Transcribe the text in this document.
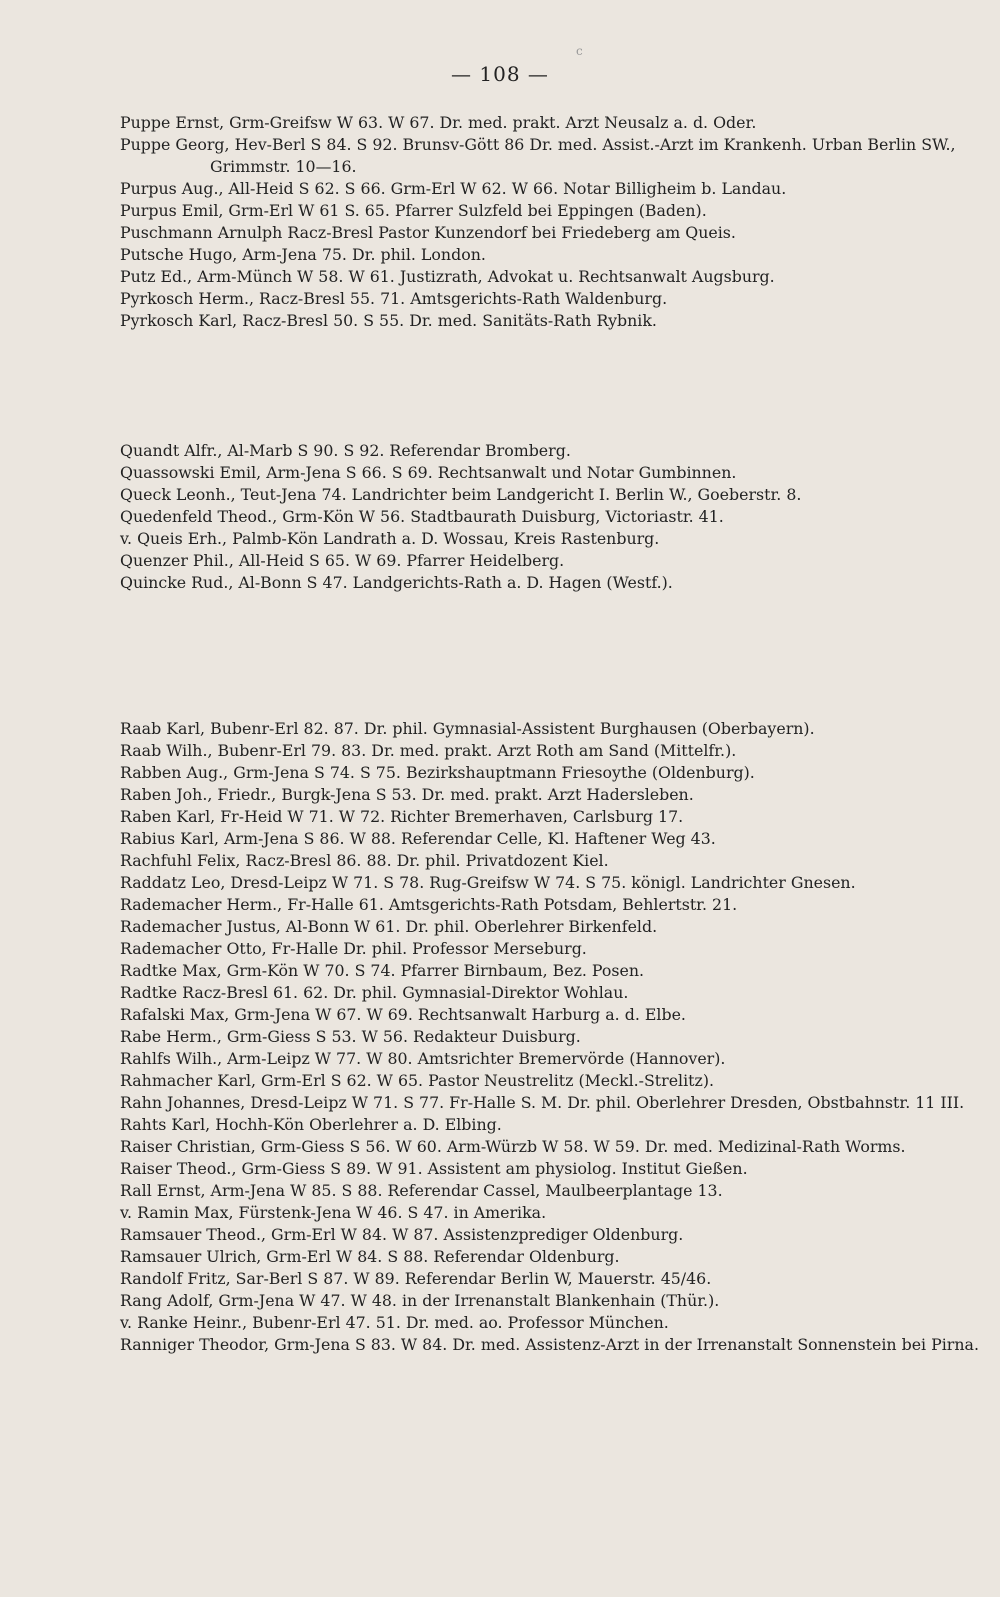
c
— 108 —
Puppe Ernst, Grm-Greifsw W 63. W 67. Dr. med. prakt. Arzt Neusalz a. d. Oder.
Puppe Georg, Hev-Berl S 84. S 92. Brunsv-Gött 86 Dr. med. Assist.-Arzt im Krankenh. Urban Berlin SW., Grimmstr. 10—16.
Purpus Aug., All-Heid S 62. S 66. Grm-Erl W 62. W 66. Notar Billigheim b. Landau.
Purpus Emil, Grm-Erl W 61 S. 65. Pfarrer Sulzfeld bei Eppingen (Baden).
Puschmann Arnulph Racz-Bresl Pastor Kunzendorf bei Friedeberg am Queis.
Putsche Hugo, Arm-Jena 75. Dr. phil. London.
Putz Ed., Arm-Münch W 58. W 61. Justizrath, Advokat u. Rechtsanwalt Augsburg.
Pyrkosch Herm., Racz-Bresl 55. 71. Amtsgerichts-Rath Waldenburg.
Pyrkosch Karl, Racz-Bresl 50. S 55. Dr. med. Sanitäts-Rath Rybnik.
Quandt Alfr., Al-Marb S 90. S 92. Referendar Bromberg.
Quassowski Emil, Arm-Jena S 66. S 69. Rechtsanwalt und Notar Gumbinnen.
Queck Leonh., Teut-Jena 74. Landrichter beim Landgericht I. Berlin W., Goeberstr. 8.
Quedenfeld Theod., Grm-Kön W 56. Stadtbaurath Duisburg, Victoriastr. 41.
v. Queis Erh., Palmb-Kön Landrath a. D. Wossau, Kreis Rastenburg.
Quenzer Phil., All-Heid S 65. W 69. Pfarrer Heidelberg.
Quincke Rud., Al-Bonn S 47. Landgerichts-Rath a. D. Hagen (Westf.).
Raab Karl, Bubenr-Erl 82. 87. Dr. phil. Gymnasial-Assistent Burghausen (Oberbayern).
Raab Wilh., Bubenr-Erl 79. 83. Dr. med. prakt. Arzt Roth am Sand (Mittelfr.).
Rabben Aug., Grm-Jena S 74. S 75. Bezirkshauptmann Friesoythe (Oldenburg).
Raben Joh., Friedr., Burgk-Jena S 53. Dr. med. prakt. Arzt Hadersleben.
Raben Karl, Fr-Heid W 71. W 72. Richter Bremerhaven, Carlsburg 17.
Rabius Karl, Arm-Jena S 86. W 88. Referendar Celle, Kl. Haftener Weg 43.
Rachfuhl Felix, Racz-Bresl 86. 88. Dr. phil. Privatdozent Kiel.
Raddatz Leo, Dresd-Leipz W 71. S 78. Rug-Greifsw W 74. S 75. königl. Landrichter Gnesen.
Rademacher Herm., Fr-Halle 61. Amtsgerichts-Rath Potsdam, Behlertstr. 21.
Rademacher Justus, Al-Bonn W 61. Dr. phil. Oberlehrer Birkenfeld.
Rademacher Otto, Fr-Halle Dr. phil. Professor Merseburg.
Radtke Max, Grm-Kön W 70. S 74. Pfarrer Birnbaum, Bez. Posen.
Radtke Racz-Bresl 61. 62. Dr. phil. Gymnasial-Direktor Wohlau.
Rafalski Max, Grm-Jena W 67. W 69. Rechtsanwalt Harburg a. d. Elbe.
Rabe Herm., Grm-Giess S 53. W 56. Redakteur Duisburg.
Rahlfs Wilh., Arm-Leipz W 77. W 80. Amtsrichter Bremervörde (Hannover).
Rahmacher Karl, Grm-Erl S 62. W 65. Pastor Neustrelitz (Meckl.-Strelitz).
Rahn Johannes, Dresd-Leipz W 71. S 77. Fr-Halle S. M. Dr. phil. Oberlehrer Dresden, Obstbahnstr. 11 III.
Rahts Karl, Hochh-Kön Oberlehrer a. D. Elbing.
Raiser Christian, Grm-Giess S 56. W 60. Arm-Würzb W 58. W 59. Dr. med. Medizinal-Rath Worms.
Raiser Theod., Grm-Giess S 89. W 91. Assistent am physiolog. Institut Gießen.
Rall Ernst, Arm-Jena W 85. S 88. Referendar Cassel, Maulbeerplantage 13.
v. Ramin Max, Fürstenk-Jena W 46. S 47. in Amerika.
Ramsauer Theod., Grm-Erl W 84. W 87. Assistenzprediger Oldenburg.
Ramsauer Ulrich, Grm-Erl W 84. S 88. Referendar Oldenburg.
Randolf Fritz, Sar-Berl S 87. W 89. Referendar Berlin W, Mauerstr. 45/46.
Rang Adolf, Grm-Jena W 47. W 48. in der Irrenanstalt Blankenhain (Thür.).
v. Ranke Heinr., Bubenr-Erl 47. 51. Dr. med. ao. Professor München.
Ranniger Theodor, Grm-Jena S 83. W 84. Dr. med. Assistenz-Arzt in der Irrenanstalt Sonnenstein bei Pirna.
